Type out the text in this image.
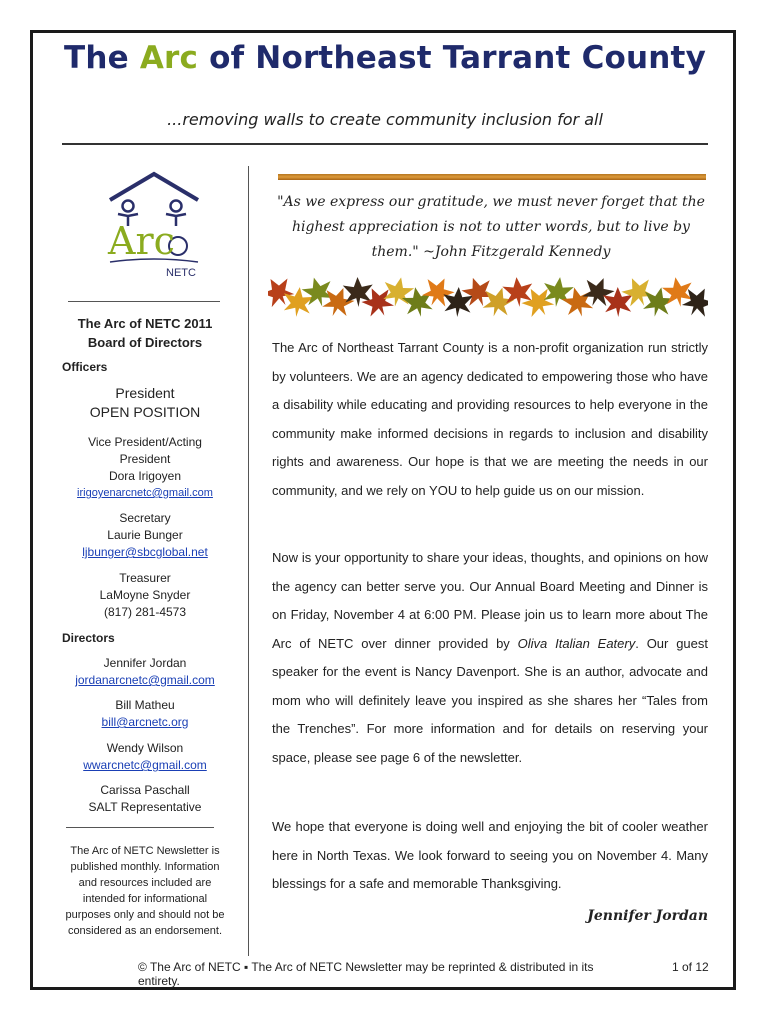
The Arc of Northeast Tarrant County
...removing walls to create community inclusion for all
Arc
NETC
The Arc of NETC 2011
Board of Directors
Officers
President
OPEN POSITION
Vice President/Acting
President
Dora Irigoyen
irigoyenarcnetc@gmail.com
Secretary
Laurie Bunger
ljbunger@sbcglobal.net
Treasurer
LaMoyne Snyder
(817) 281-4573
Directors
Jennifer Jordan
jordanarcnetc@gmail.com
Bill Matheu
bill@arcnetc.org
Wendy Wilson
wwarcnetc@gmail.com
Carissa Paschall
SALT Representative
The Arc of NETC Newsletter is published monthly. Information and resources included are intended for informational purposes only and should not be considered as an endorsement.
"As we express our gratitude, we must never forget that the highest appreciation is not to utter words, but to live by them." ~John Fitzgerald Kennedy
The Arc of Northeast Tarrant County is a non-profit organization run strictly by volunteers. We are an agency dedicated to empowering those who have a disability while educating and providing resources to help everyone in the community make informed decisions in regards to inclusion and disability rights and awareness. Our hope is that we are meeting the needs in our community, and we rely on YOU to help guide us on our mission.
Now is your opportunity to share your ideas, thoughts, and opinions on how the agency can better serve you. Our Annual Board Meeting and Dinner is on Friday, November 4 at 6:00 PM. Please join us to learn more about The Arc of NETC over dinner provided by Oliva Italian Eatery. Our guest speaker for the event is Nancy Davenport. She is an author, advocate and mom who will definitely leave you inspired as she shares her “Tales from the Trenches”. For more information and for details on reserving your space, please see page 6 of the newsletter.
We hope that everyone is doing well and enjoying the bit of cooler weather here in North Texas. We look forward to seeing you on November 4. Many blessings for a safe and memorable Thanksgiving.
Jennifer Jordan
© The Arc of NETC ▪ The Arc of NETC Newsletter may be reprinted & distributed in its entirety.
1 of 12
